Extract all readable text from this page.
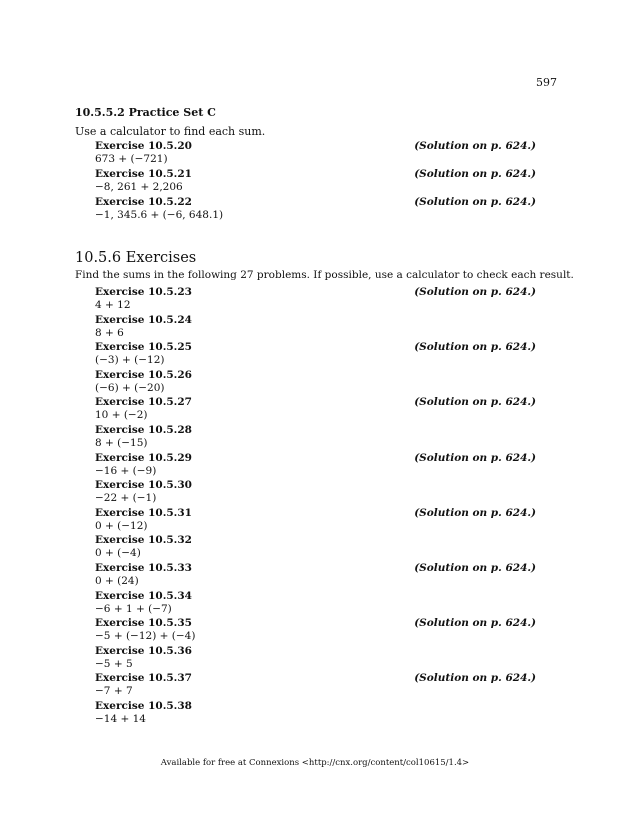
597
10.5.5.2 Practice Set C
Use a calculator to find each sum.
Exercise 10.5.20	(Solution on p. 624.)
673 + (−721)
Exercise 10.5.21	(Solution on p. 624.)
−8, 261 + 2,206
Exercise 10.5.22	(Solution on p. 624.)
−1, 345.6 + (−6, 648.1)
10.5.6 Exercises
Find the sums in the following 27 problems. If possible, use a calculator to check each result.
Exercise 10.5.23	(Solution on p. 624.)
4 + 12
Exercise 10.5.24
8 + 6
Exercise 10.5.25	(Solution on p. 624.)
(−3) + (−12)
Exercise 10.5.26
(−6) + (−20)
Exercise 10.5.27	(Solution on p. 624.)
10 + (−2)
Exercise 10.5.28
8 + (−15)
Exercise 10.5.29	(Solution on p. 624.)
−16 + (−9)
Exercise 10.5.30
−22 + (−1)
Exercise 10.5.31	(Solution on p. 624.)
0 + (−12)
Exercise 10.5.32
0 + (−4)
Exercise 10.5.33	(Solution on p. 624.)
0 + (24)
Exercise 10.5.34
−6 + 1 + (−7)
Exercise 10.5.35	(Solution on p. 624.)
−5 + (−12) + (−4)
Exercise 10.5.36
−5 + 5
Exercise 10.5.37	(Solution on p. 624.)
−7 + 7
Exercise 10.5.38
−14 + 14
Available for free at Connexions <http://cnx.org/content/col10615/1.4>
